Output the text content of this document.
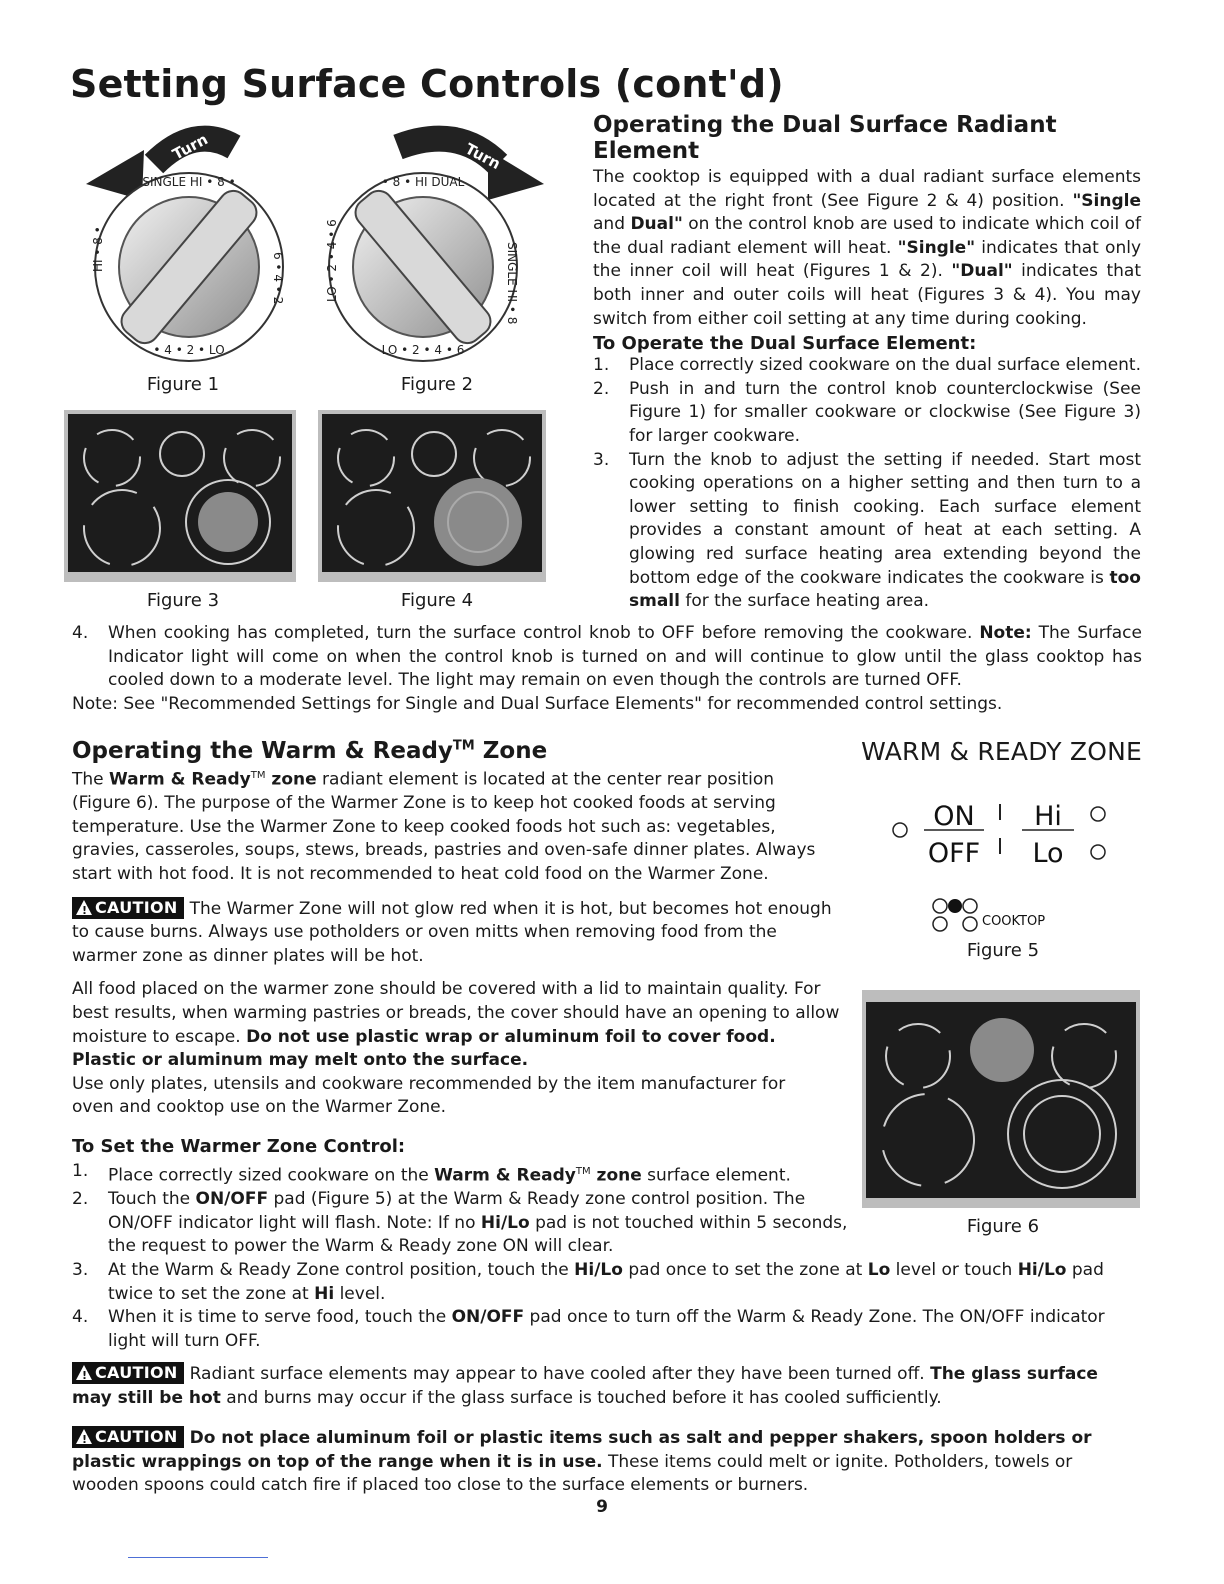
Setting Surface Controls (cont'd)
Turn
SINGLE HI • 8 •
HI • 8 •
• 4 • 2 • LO
6 • 4 • 2
Turn
• 8 • HI DUAL
LO • 2 • 4 • 6
LO • 2 • 4 • 6
SINGLE HI • 8
Figure 1	Figure 2
Figure 3	Figure 4
Operating the Dual Surface Radiant Element

The cooktop is equipped with a dual radiant surface elements located at the right front (See Figure 2 & 4) position. "Single and Dual" on the control knob are used to indicate which coil of the dual radiant element will heat. "Single" indicates that only the inner coil will heat (Figures 1 & 2). "Dual" indicates that both inner and outer coils will heat (Figures 3 & 4). You may switch from either coil setting at any time during cooking.

To Operate the Dual Surface Element:
1. Place correctly sized cookware on the dual surface element.
2. Push in and turn the control knob counterclockwise (See Figure 1) for smaller cookware or clockwise (See Figure 3) for larger cookware.
3. Turn the knob to adjust the setting if needed. Start most cooking operations on a higher setting and then turn to a lower setting to finish cooking. Each surface element provides a constant amount of heat at each setting. A glowing red surface heating area extending beyond the bottom edge of the cookware indicates the cookware is too small for the surface heating area.
4. When cooking has completed, turn the surface control knob to OFF before removing the cookware. Note: The Surface Indicator light will come on when the control knob is turned on and will continue to glow until the glass cooktop has cooled down to a moderate level. The light may remain on even though the controls are turned OFF.

Note: See "Recommended Settings for Single and Dual Surface Elements" for recommended control settings.

Operating the Warm & Ready™ Zone

The Warm & Ready™ zone radiant element is located at the center rear position (Figure 6). The purpose of the Warmer Zone is to keep hot cooked foods at serving temperature. Use the Warmer Zone to keep cooked foods hot such as: vegetables, gravies, casseroles, soups, stews, breads, pastries and oven-safe dinner plates. Always start with hot food. It is not recommended to heat cold food on the Warmer Zone.

!CAUTION The Warmer Zone will not glow red when it is hot, but becomes hot enough to cause burns. Always use potholders or oven mitts when removing food from the warmer zone as dinner plates will be hot.

All food placed on the warmer zone should be covered with a lid to maintain quality. For best results, when warming pastries or breads, the cover should have an opening to allow moisture to escape. Do not use plastic wrap or aluminum foil to cover food. Plastic or aluminum may melt onto the surface.

Use only plates, utensils and cookware recommended by the item manufacturer for oven and cooktop use on the Warmer Zone.

To Set the Warmer Zone Control:
1. Place correctly sized cookware on the Warm & Ready™ zone surface element.
2. Touch the ON/OFF pad (Figure 5) at the Warm & Ready zone control position. The ON/OFF indicator light will flash. Note: If no Hi/Lo pad is not touched within 5 seconds, the request to power the Warm & Ready zone ON will clear.
3. At the Warm & Ready Zone control position, touch the Hi/Lo pad once to set the zone at Lo level or touch Hi/Lo pad twice to set the zone at Hi level.
4. When it is time to serve food, touch the ON/OFF pad once to turn off the Warm & Ready Zone. The ON/OFF indicator light will turn OFF.
WARM & READY ZONE
ON
OFF
Hi
Lo
COOKTOP
Figure 5
Figure 6

!CAUTION Radiant surface elements may appear to have cooled after they have been turned off. The glass surface may still be hot and burns may occur if the glass surface is touched before it has cooled sufficiently.

!CAUTION Do not place aluminum foil or plastic items such as salt and pepper shakers, spoon holders or plastic wrappings on top of the range when it is in use. These items could melt or ignite. Potholders, towels or wooden spoons could catch fire if placed too close to the surface elements or burners.

9
